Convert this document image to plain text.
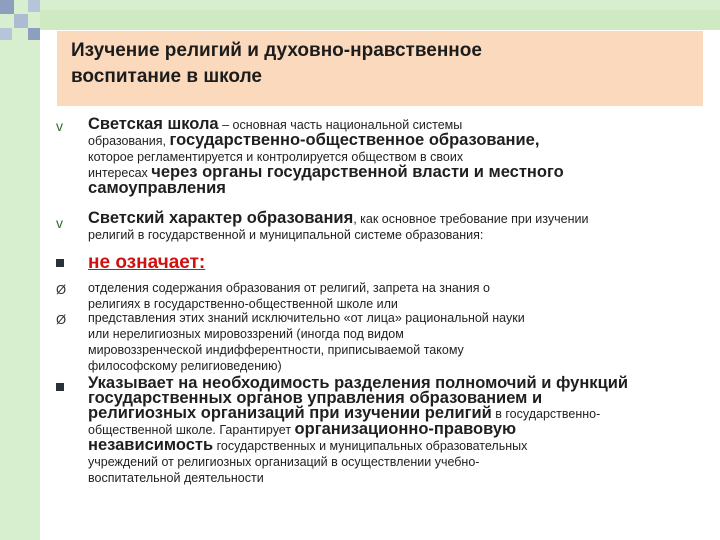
Изучение религий и духовно-нравственное
воспитание в школе
v Светская школа – основная часть национальной системы
образования, государственно-общественное образование,
которое регламентируется и контролируется обществом в своих
интересах через органы государственной власти и местного
самоуправления
v Светский характер образования, как основное требование при изучении
религий в государственной и муниципальной системе образования:
не означает:
Ø отделения содержания образования от религий, запрета на знания о
религиях в государственно-общественной школе или
Ø представления этих знаний исключительно «от лица» рациональной науки
или нерелигиозных мировоззрений (иногда под видом
мировоззренческой индифферентности, приписываемой такому
философскому религиоведению)
Указывает на необходимость разделения полномочий и функций
государственных органов управления образованием и
религиозных организаций при изучении религий в государственно-
общественной школе. Гарантирует организационно-правовую
независимость государственных и муниципальных образовательных
учреждений от религиозных организаций в осуществлении учебно-
воспитательной деятельности
